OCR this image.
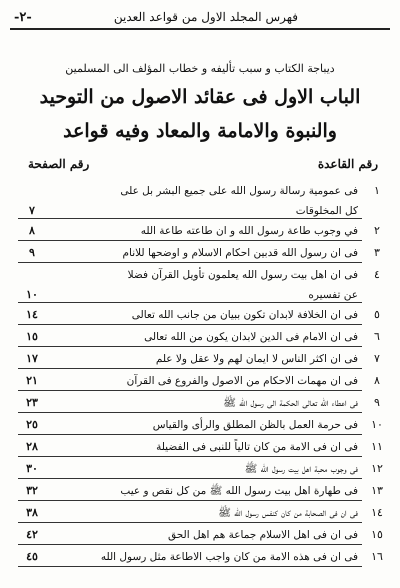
فهرس المجلد الاول من قواعد العدين
-٢-
دیباجة الکتاب و سبب تألیفه و خطاب المؤلف الی المسلمین
الباب الاول فى عقائد الاصول من التوحيد
والنبوة والامامة والمعاد وفيه قواعد
رقم القاعدة
رقم الصفحة
١
فى عمومية رسالة رسول الله على جميع البشر بل على
كل المخلوقات
٧
٢
في وجوب طاعة رسول الله و ان طاعته طاعة الله
٨
٣
فى ان رسول الله قدبين احكام الاسلام و اوضحها للانام
٩
٤
فى ان اهل بيت رسول الله يعلمون تأويل القرآن فضلا
عن تفسيره
١٠
٥
فى ان الخلافة لابدان تكون ببيان من جانب الله تعالى
١٤
٦
فى ان الامام فى الدين لابدان يكون من الله تعالى
١٥
٧
فى ان اكثر الناس لا ايمان لهم ولا عقل ولا علم
١٧
٨
فى ان مهمات الاحكام من الاصول والفروع فى القرآن
٢١
٩
فى اعطاء الله تعالى الحكمة الى رسول الله ﷺ
٢٣
١٠
فى حرمة العمل بالظن المطلق والرأى والقياس
٢٥
١١
فى ان فى الامة من كان تالياً للنبى فى الفضيلة
٢٨
١٢
فى وجوب محبة اهل بيت رسول الله ﷺ
٣٠
١٣
فى طهارة اهل بيت رسول الله ﷺ من كل نقص و عيب
٣٢
١٤
فى ان فى الصحابة من كان كنفس رسول الله ﷺ
٣٨
١٥
فى ان فى اهل الاسلام جماعة هم اهل الحق
٤٢
١٦
فى ان فى هذه الامة من كان واجب الاطاعة مثل رسول الله
٤٥
